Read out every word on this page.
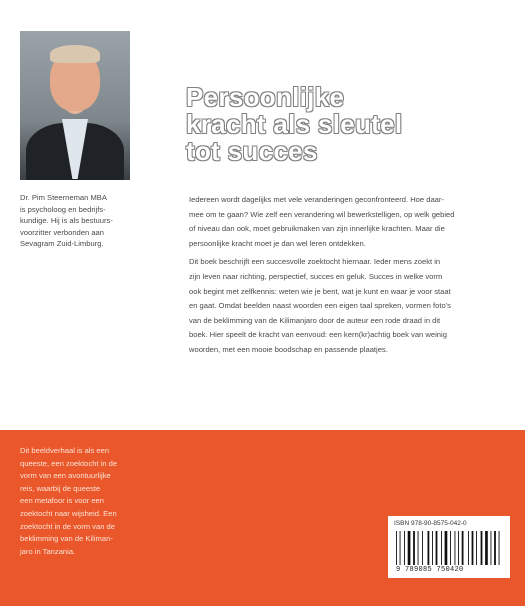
Dr. Pim Steerneman MBA
is psycholoog en bedrijfs-
kundige. Hij is als bestuurs-
voorzitter verbonden aan
Sevagram Zuid-Limburg.
Persoonlijke
kracht als sleutel
tot succes

Iedereen wordt dagelijks met vele veranderingen geconfronteerd. Hoe daar-
mee om te gaan? Wie zelf een verandering wil bewerkstelligen, op welk gebied
of niveau dan ook, moet gebruikmaken van zijn innerlijke krachten. Maar die
persoonlijke kracht moet je dan wel leren ontdekken.

Dit boek beschrijft een succesvolle zoektocht hiernaar. Ieder mens zoekt in
zijn leven naar richting, perspectief, succes en geluk. Succes in welke vorm
ook begint met zelfkennis: weten wie je bent, wat je kunt en waar je voor staat
en gaat. Omdat beelden naast woorden een eigen taal spreken, vormen foto's
van de beklimming van de Kilimanjaro door de auteur een rode draad in dit
boek. Hier speelt de kracht van eenvoud: een kern(kr)achtig boek van weinig
woorden, met een mooie boodschap en passende plaatjes.

Dit beeldverhaal is als een
queeste, een zoektocht in de
vorm van een avontuurlijke
reis, waarbij de queeste
een metafoor is voor een
zoektocht naar wijsheid. Een
zoektocht in de vorm van de
beklimming van de Kiliman-
jaro in Tanzania.
ISBN 978-90-8575-042-0
9 789085 750420
